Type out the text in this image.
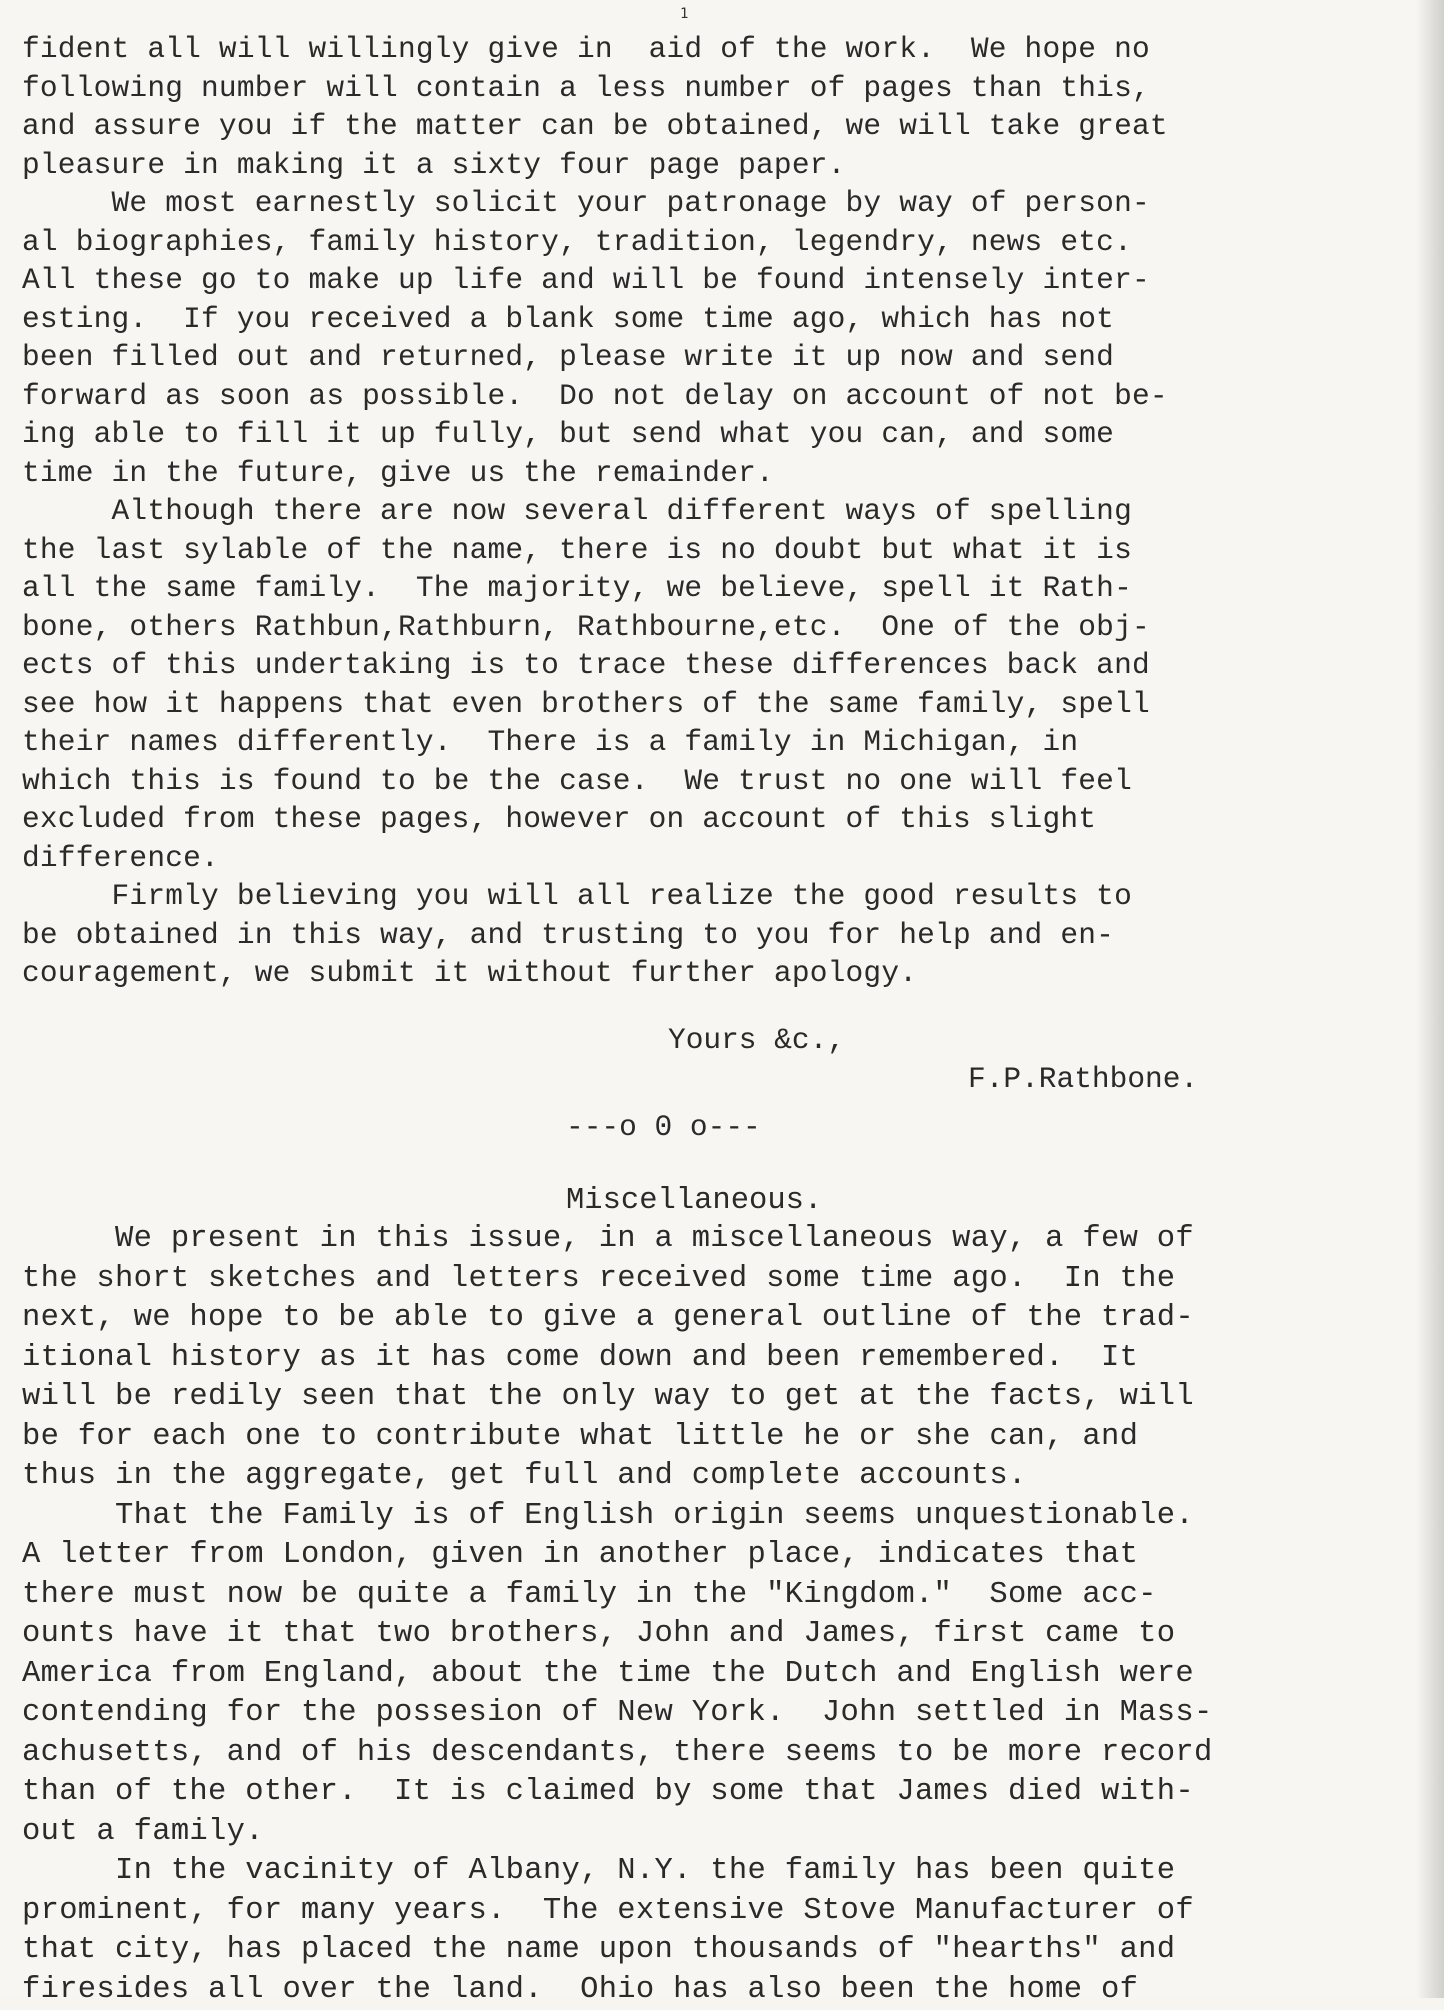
1
fident all will willingly give in  aid of the work.  We hope no
following number will contain a less number of pages than this,
and assure you if the matter can be obtained, we will take great
pleasure in making it a sixty four page paper.
We most earnestly solicit your patronage by way of person-
al biographies, family history, tradition, legendry, news etc.
All these go to make up life and will be found intensely inter-
esting.  If you received a blank some time ago, which has not
been filled out and returned, please write it up now and send
forward as soon as possible.  Do not delay on account of not be-
ing able to fill it up fully, but send what you can, and some
time in the future, give us the remainder.
Although there are now several different ways of spelling
the last sylable of the name, there is no doubt but what it is
all the same family.  The majority, we believe, spell it Rath-
bone, others Rathbun,Rathburn, Rathbourne,etc.  One of the obj-
ects of this undertaking is to trace these differences back and
see how it happens that even brothers of the same family, spell
their names differently.  There is a family in Michigan, in
which this is found to be the case.  We trust no one will feel
excluded from these pages, however on account of this slight
difference.
Firmly believing you will all realize the good results to
be obtained in this way, and trusting to you for help and en-
couragement, we submit it without further apology.
Yours &c.,
F.P.Rathbone.
---o 0 o---
Miscellaneous.
We present in this issue, in a miscellaneous way, a few of
the short sketches and letters received some time ago.  In the
next, we hope to be able to give a general outline of the trad-
itional history as it has come down and been remembered.  It
will be redily seen that the only way to get at the facts, will
be for each one to contribute what little he or she can, and
thus in the aggregate, get full and complete accounts.
That the Family is of English origin seems unquestionable.
A letter from London, given in another place, indicates that
there must now be quite a family in the "Kingdom."  Some acc-
ounts have it that two brothers, John and James, first came to
America from England, about the time the Dutch and English were
contending for the possesion of New York.  John settled in Mass-
achusetts, and of his descendants, there seems to be more record
than of the other.  It is claimed by some that James died with-
out a family.
In the vacinity of Albany, N.Y. the family has been quite
prominent, for many years.  The extensive Stove Manufacturer of
that city, has placed the name upon thousands of "hearths" and
firesides all over the land.  Ohio has also been the home of
